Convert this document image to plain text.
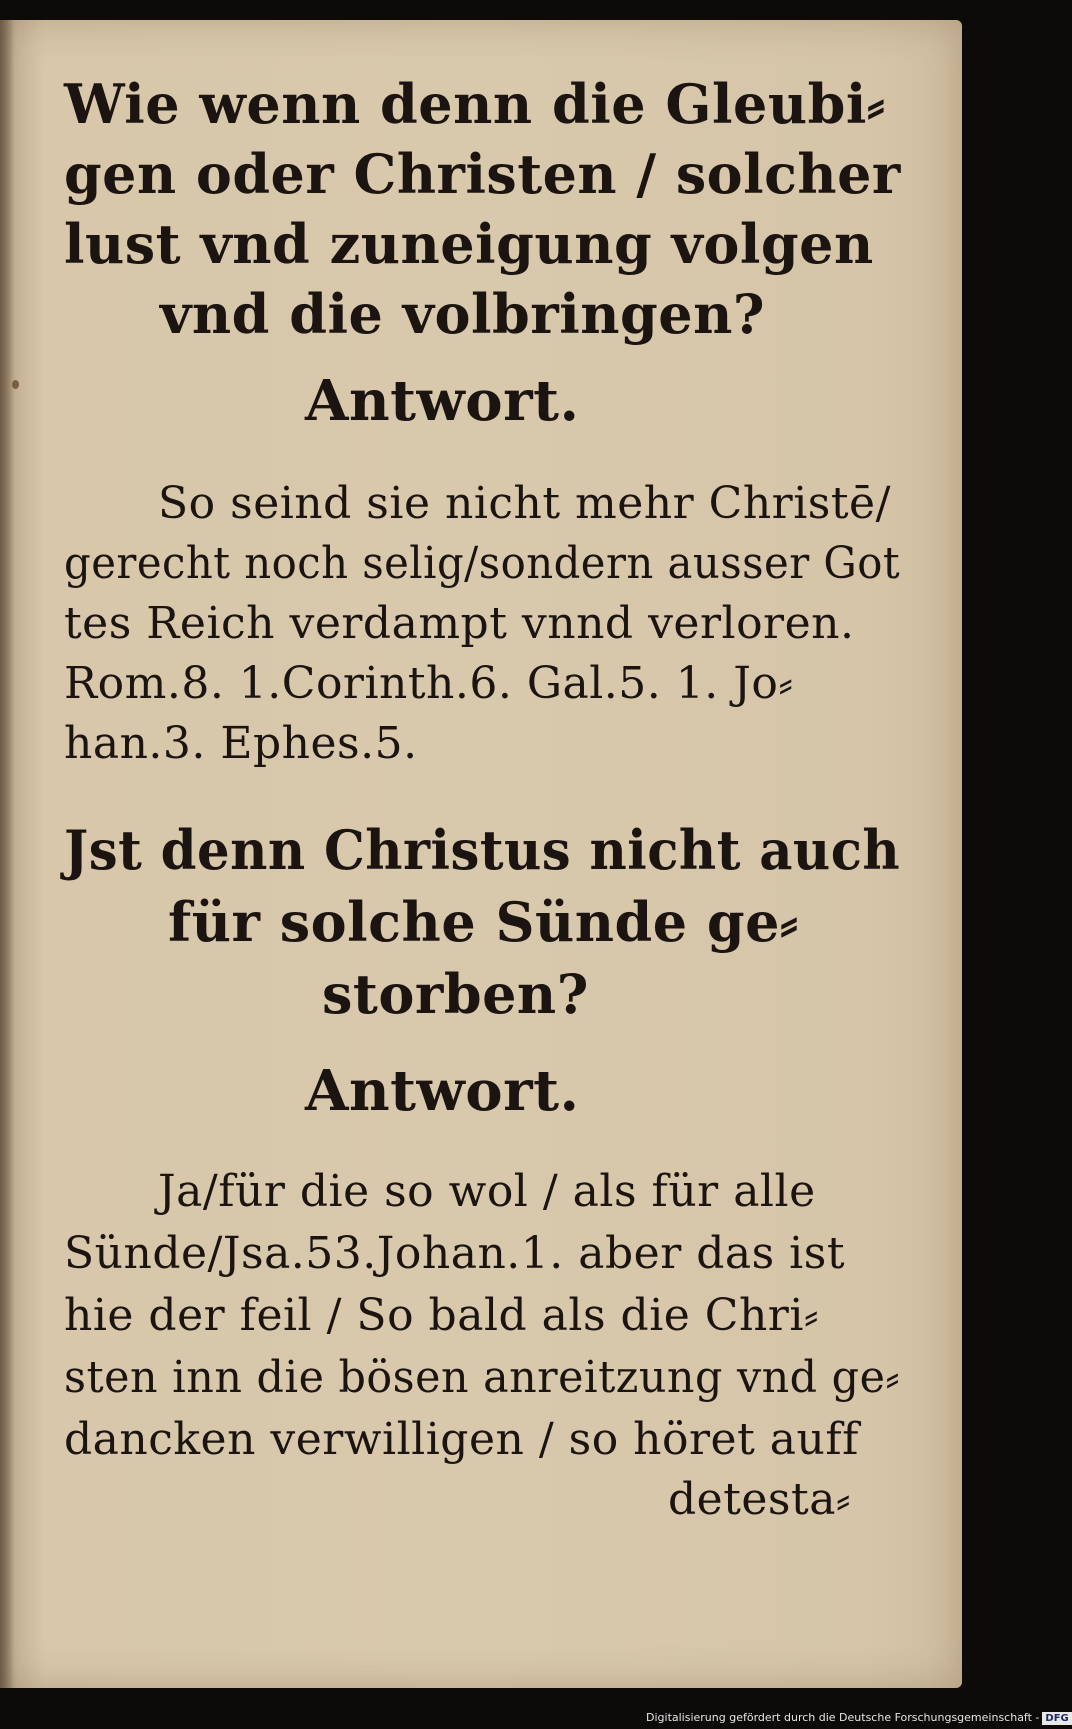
Wie wenn denn die Gleubi⸗
gen oder Christen / solcher
lust vnd zuneigung volgen
vnd die volbringen?
Antwort.
So seind sie nicht mehr Christē/
gerecht noch selig/sondern ausser Got
tes Reich verdampt vnnd verloren.
Rom.8. 1.Corinth.6. Gal.5. 1. Jo⸗
han.3. Ephes.5.
Jst denn Christus nicht auch
für solche Sünde ge⸗
storben?
Antwort.
Ja/für die so wol / als für alle
Sünde/Jsa.53.Johan.1. aber das ist
hie der feil / So bald als die Chri⸗
sten inn die bösen anreitzung vnd ge⸗
dancken verwilligen / so höret auff
detesta⸗
Digitalisierung gefördert durch die Deutsche Forschungsgemeinschaft - DFG
